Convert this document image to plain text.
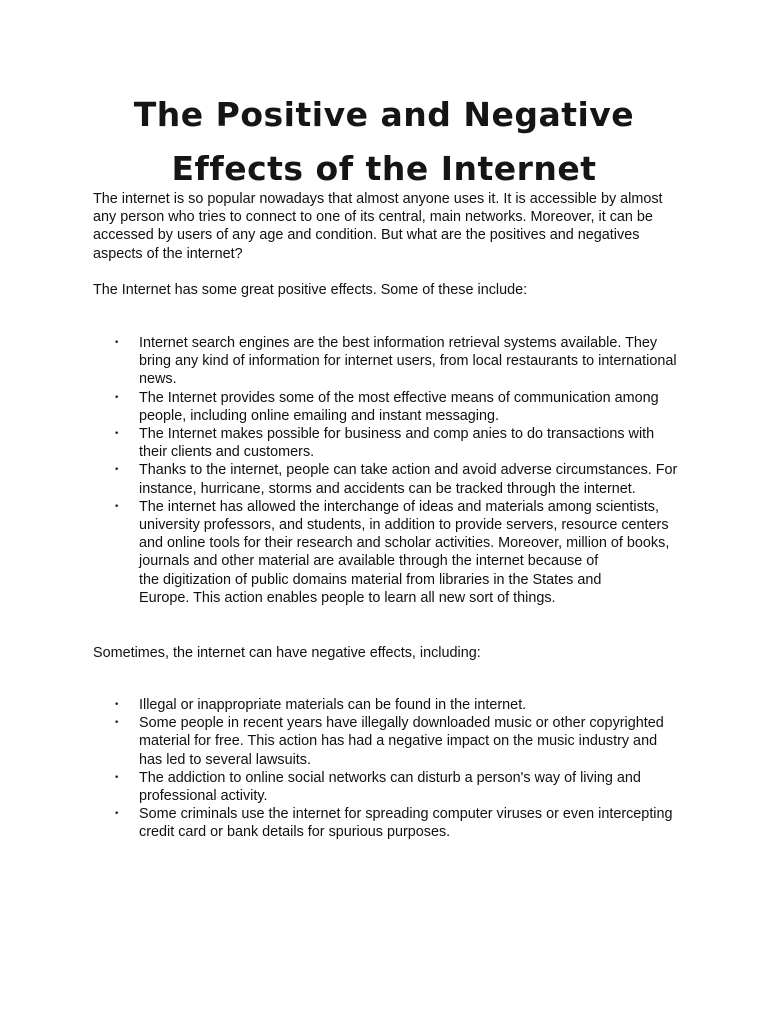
The Positive and Negative
Effects of the Internet
The internet is so popular nowadays that almost anyone uses it. It is accessible by almost
any person who tries to connect to one of its central, main networks. Moreover, it can be
accessed by users of any age and condition. But what are the positives and negatives
aspects of the internet?
The Internet has some great positive effects. Some of these include:
•	Internet search engines are the best information retrieval systems available. They
bring any kind of information for internet users, from local restaurants to international
news.
•	The Internet provides some of the most effective means of communication among
people, including online emailing and instant messaging.
•	The Internet makes possible for business and comp anies to do transactions with
their clients and customers.
•	Thanks to the internet, people can take action and avoid adverse circumstances. For
instance, hurricane, storms and accidents can be tracked through the internet.
•	The internet has allowed the interchange of ideas and materials among scientists,
university professors, and students, in addition to provide servers, resource centers
and online tools for their research and scholar activities. Moreover, million of books,
journals and other material are available through the internet because of
the digitization of public domains material from libraries in the States and
Europe. This action enables people to learn all new sort of things.
Sometimes, the internet can have negative effects, including:
•	Illegal or inappropriate materials can be found in the internet.
•	Some people in recent years have illegally downloaded music or other copyrighted
material for free. This action has had a negative impact on the music industry and
has led to several lawsuits.
•	The addiction to online social networks can disturb a person's way of living and
professional activity.
•	Some criminals use the internet for spreading computer viruses or even intercepting
credit card or bank details for spurious purposes.
